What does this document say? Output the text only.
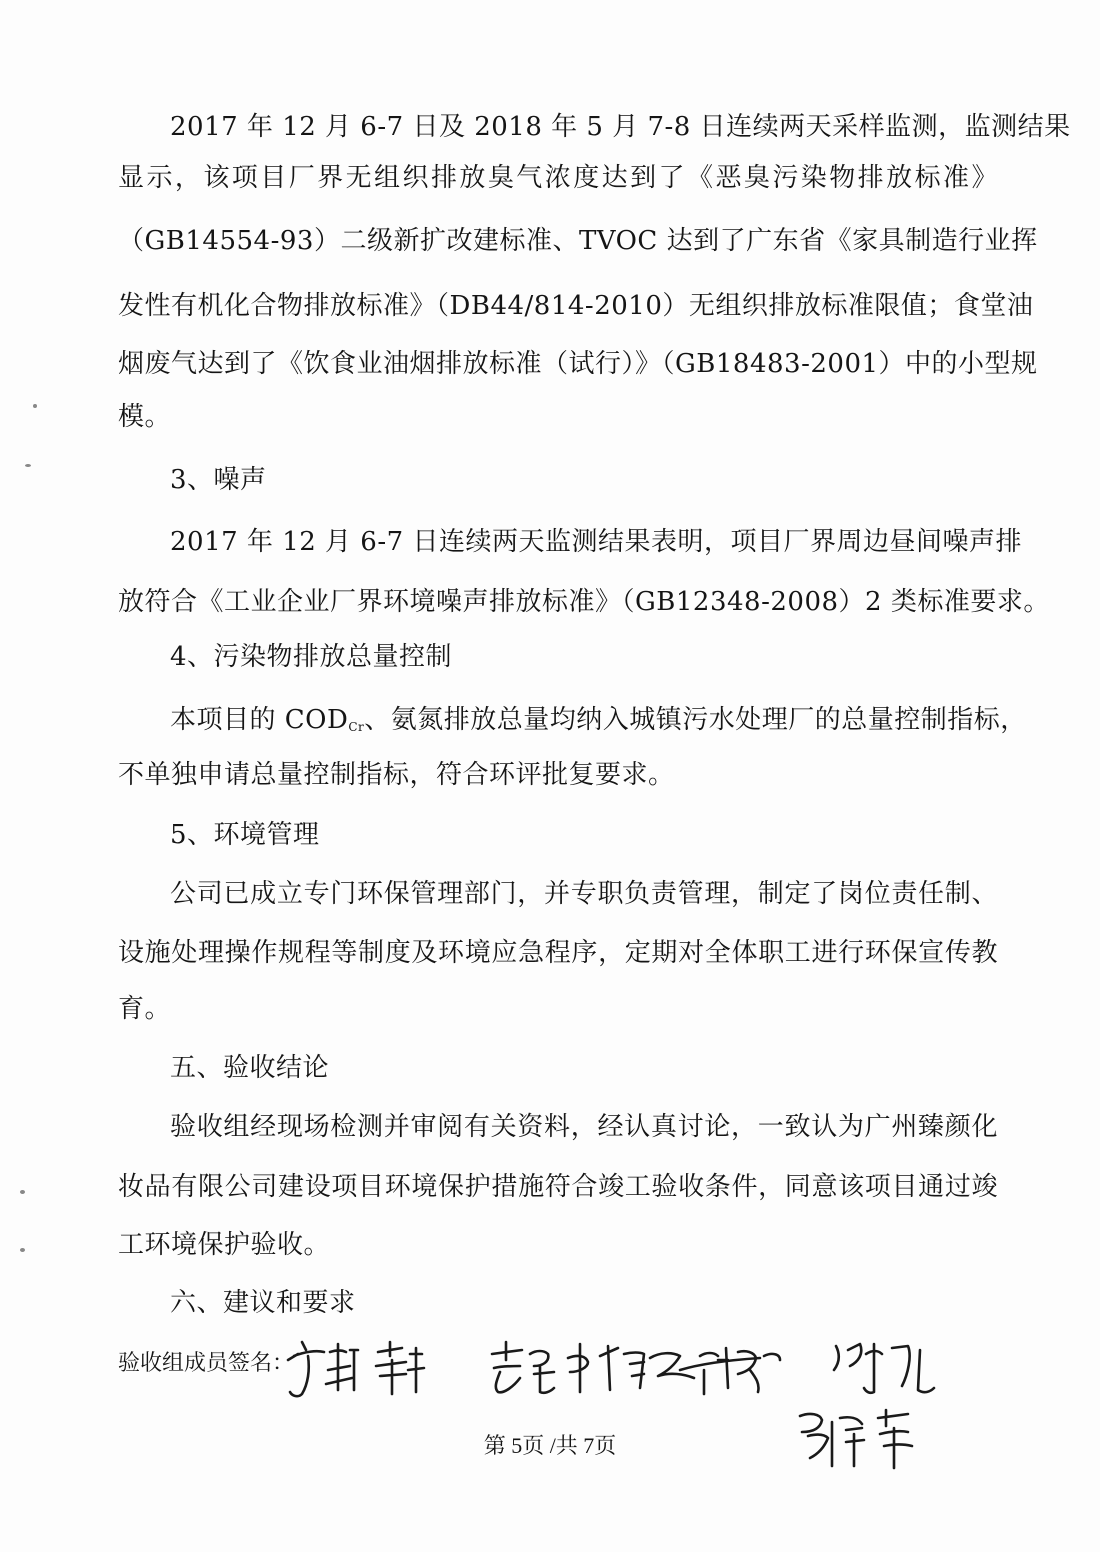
2017 年 12 月 6-7 日及 2018 年 5 月 7-8 日连续两天采样监测，监测结果
显示，该项目厂界无组织排放臭气浓度达到了《恶臭污染物排放标准》
（GB14554-93）二级新扩改建标准、TVOC 达到了广东省《家具制造行业挥
发性有机化合物排放标准》（DB44/814-2010）无组织排放标准限值；食堂油
烟废气达到了《饮食业油烟排放标准（试行）》（GB18483-2001）中的小型规
模。
3、噪声
2017 年 12 月 6-7 日连续两天监测结果表明，项目厂界周边昼间噪声排
放符合《工业企业厂界环境噪声排放标准》（GB12348-2008）2 类标准要求。
4、污染物排放总量控制
本项目的 $COD_{Cr}$、氨氮排放总量均纳入城镇污水处理厂的总量控制指标，
不单独申请总量控制指标，符合环评批复要求。
5、环境管理
公司已成立专门环保管理部门，并专职负责管理，制定了岗位责任制、
设施处理操作规程等制度及环境应急程序，定期对全体职工进行环保宣传教
育。
五、验收结论
验收组经现场检测并审阅有关资料，经认真讨论，一致认为广州臻颜化
妆品有限公司建设项目环境保护措施符合竣工验收条件，同意该项目通过竣
工环境保护验收。
六、建议和要求
验收组成员签名：
第 5页 /共 7页
